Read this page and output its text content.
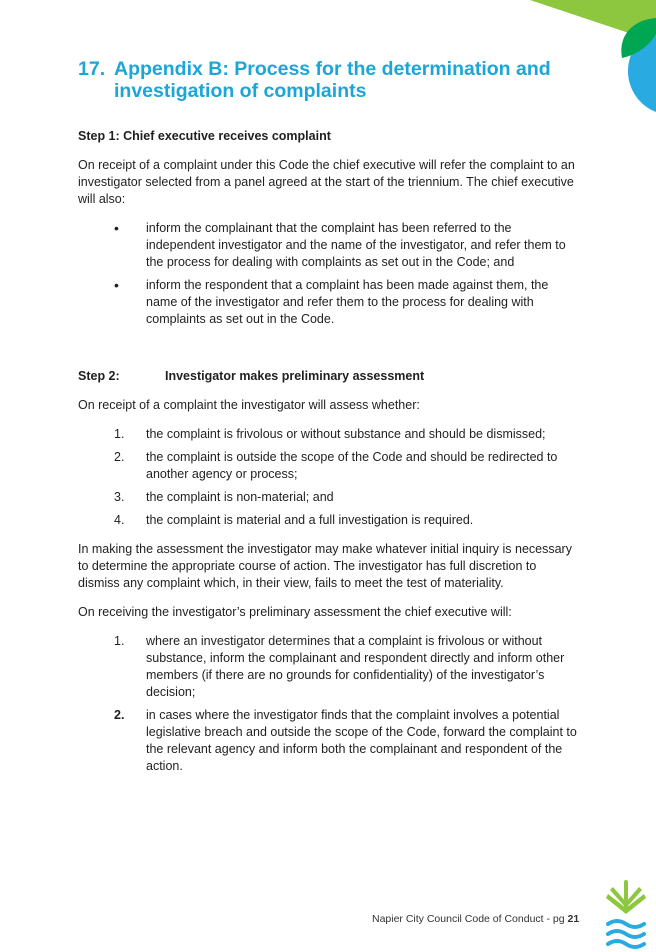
17. Appendix B: Process for the determination and investigation of complaints

Step 1: Chief executive receives complaint

On receipt of a complaint under this Code the chief executive will refer the complaint to an investigator selected from a panel agreed at the start of the triennium. The chief executive will also:

• inform the complainant that the complaint has been referred to the independent investigator and the name of the investigator, and refer them to the process for dealing with complaints as set out in the Code; and
• inform the respondent that a complaint has been made against them, the name of the investigator and refer them to the process for dealing with complaints as set out in the Code.

Step 2:	Investigator makes preliminary assessment

On receipt of a complaint the investigator will assess whether:

1. the complaint is frivolous or without substance and should be dismissed;
2. the complaint is outside the scope of the Code and should be redirected to another agency or process;
3. the complaint is non-material; and
4. the complaint is material and a full investigation is required.

In making the assessment the investigator may make whatever initial inquiry is necessary to determine the appropriate course of action. The investigator has full discretion to dismiss any complaint which, in their view, fails to meet the test of materiality.

On receiving the investigator’s preliminary assessment the chief executive will:

1. where an investigator determines that a complaint is frivolous or without substance, inform the complainant and respondent directly and inform other members (if there are no grounds for confidentiality) of the investigator’s decision;
2. in cases where the investigator finds that the complaint involves a potential legislative breach and outside the scope of the Code, forward the complaint to the relevant agency and inform both the complainant and respondent of the action.
Napier City Council Code of Conduct - pg 21
